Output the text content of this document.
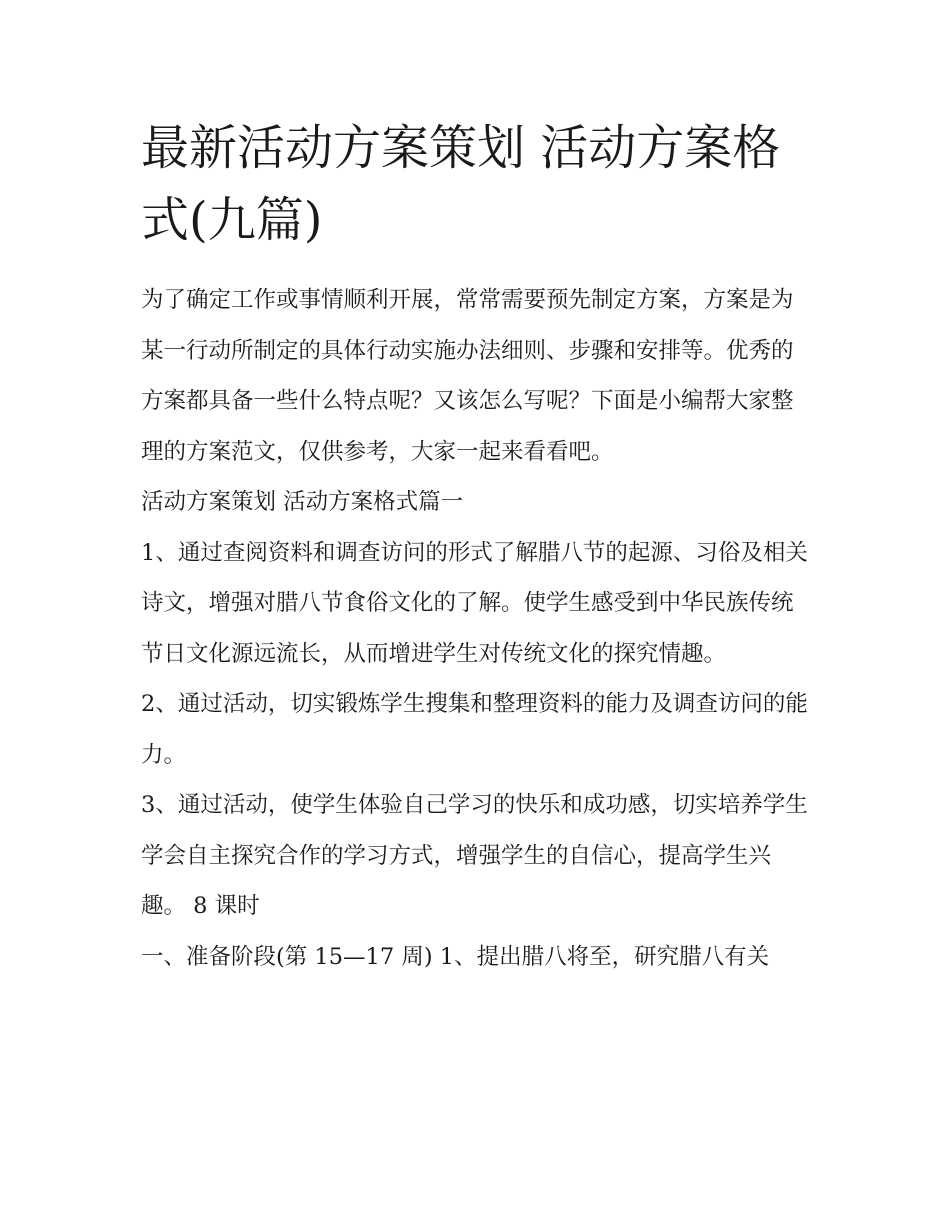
最新活动方案策划 活动方案格式(九篇)

为了确定工作或事情顺利开展，常常需要预先制定方案，方案是为某一行动所制定的具体行动实施办法细则、步骤和安排等。优秀的方案都具备一些什么特点呢？又该怎么写呢？下面是小编帮大家整理的方案范文，仅供参考，大家一起来看看吧。

活动方案策划 活动方案格式篇一

1、通过查阅资料和调查访问的形式了解腊八节的起源、习俗及相关诗文，增强对腊八节食俗文化的了解。使学生感受到中华民族传统节日文化源远流长，从而增进学生对传统文化的探究情趣。

2、通过活动，切实锻炼学生搜集和整理资料的能力及调查访问的能力。

3、通过活动，使学生体验自己学习的快乐和成功感，切实培养学生学会自主探究合作的学习方式，增强学生的自信心，提高学生兴趣。 8 课时

一、准备阶段(第 15—17 周) 1、提出腊八将至，研究腊八有关
